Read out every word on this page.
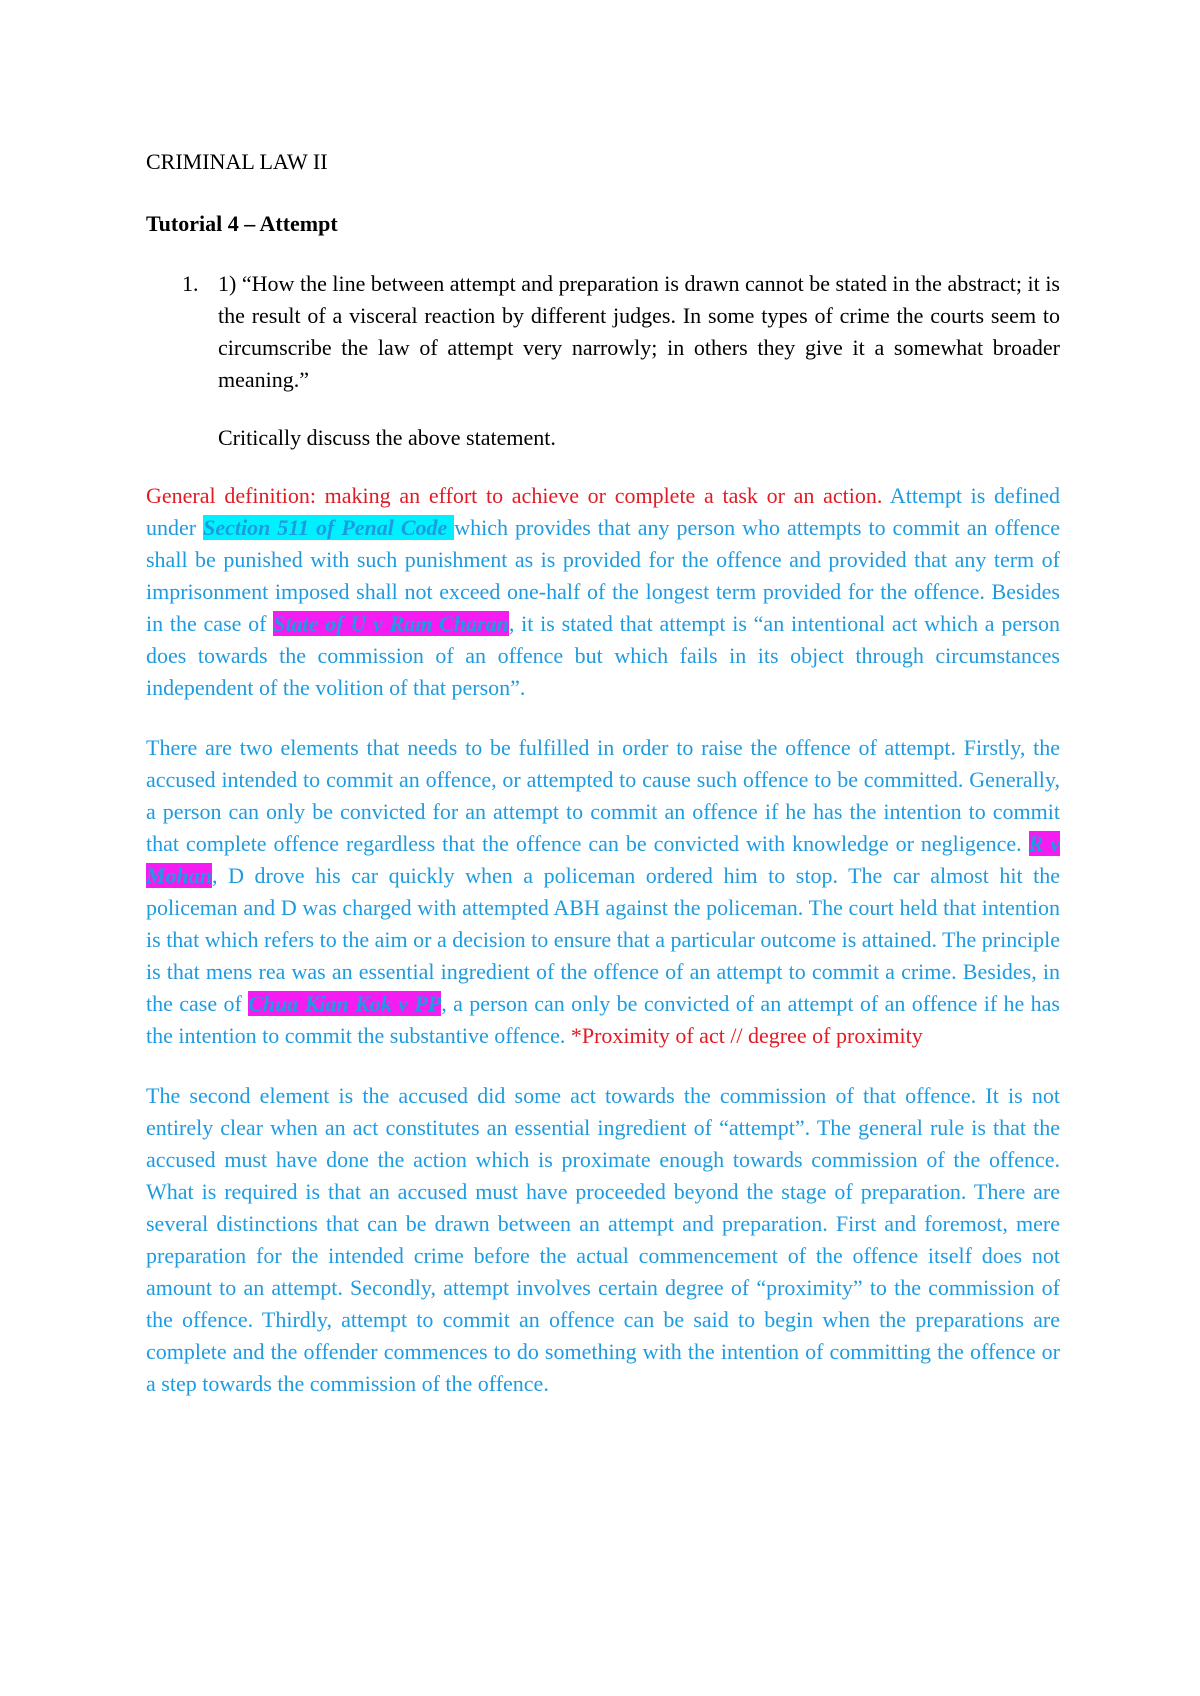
CRIMINAL LAW II
Tutorial 4 – Attempt
1. 1) “How the line between attempt and preparation is drawn cannot be stated in the abstract; it is the result of a visceral reaction by different judges. In some types of crime the courts seem to circumscribe the law of attempt very narrowly; in others they give it a somewhat broader meaning.”
Critically discuss the above statement.

General definition: making an effort to achieve or complete a task or an action. Attempt is defined under Section 511 of Penal Code which provides that any person who attempts to commit an offence shall be punished with such punishment as is provided for the offence and provided that any term of imprisonment imposed shall not exceed one-half of the longest term provided for the offence. Besides in the case of State of U v Ram Charan, it is stated that attempt is “an intentional act which a person does towards the commission of an offence but which fails in its object through circumstances independent of the volition of that person”.

There are two elements that needs to be fulfilled in order to raise the offence of attempt. Firstly, the accused intended to commit an offence, or attempted to cause such offence to be committed. Generally, a person can only be convicted for an attempt to commit an offence if he has the intention to commit that complete offence regardless that the offence can be convicted with knowledge or negligence. R v Mohan, D drove his car quickly when a policeman ordered him to stop. The car almost hit the policeman and D was charged with attempted ABH against the policeman. The court held that intention is that which refers to the aim or a decision to ensure that a particular outcome is attained. The principle is that mens rea was an essential ingredient of the offence of an attempt to commit a crime. Besides, in the case of Chua Kian Kok v PP, a person can only be convicted of an attempt of an offence if he has the intention to commit the substantive offence. *Proximity of act // degree of proximity

The second element is the accused did some act towards the commission of that offence. It is not entirely clear when an act constitutes an essential ingredient of “attempt”. The general rule is that the accused must have done the action which is proximate enough towards commission of the offence. What is required is that an accused must have proceeded beyond the stage of preparation. There are several distinctions that can be drawn between an attempt and preparation. First and foremost, mere preparation for the intended crime before the actual commencement of the offence itself does not amount to an attempt. Secondly, attempt involves certain degree of “proximity” to the commission of the offence. Thirdly, attempt to commit an offence can be said to begin when the preparations are complete and the offender commences to do something with the intention of committing the offence or a step towards the commission of the offence.
